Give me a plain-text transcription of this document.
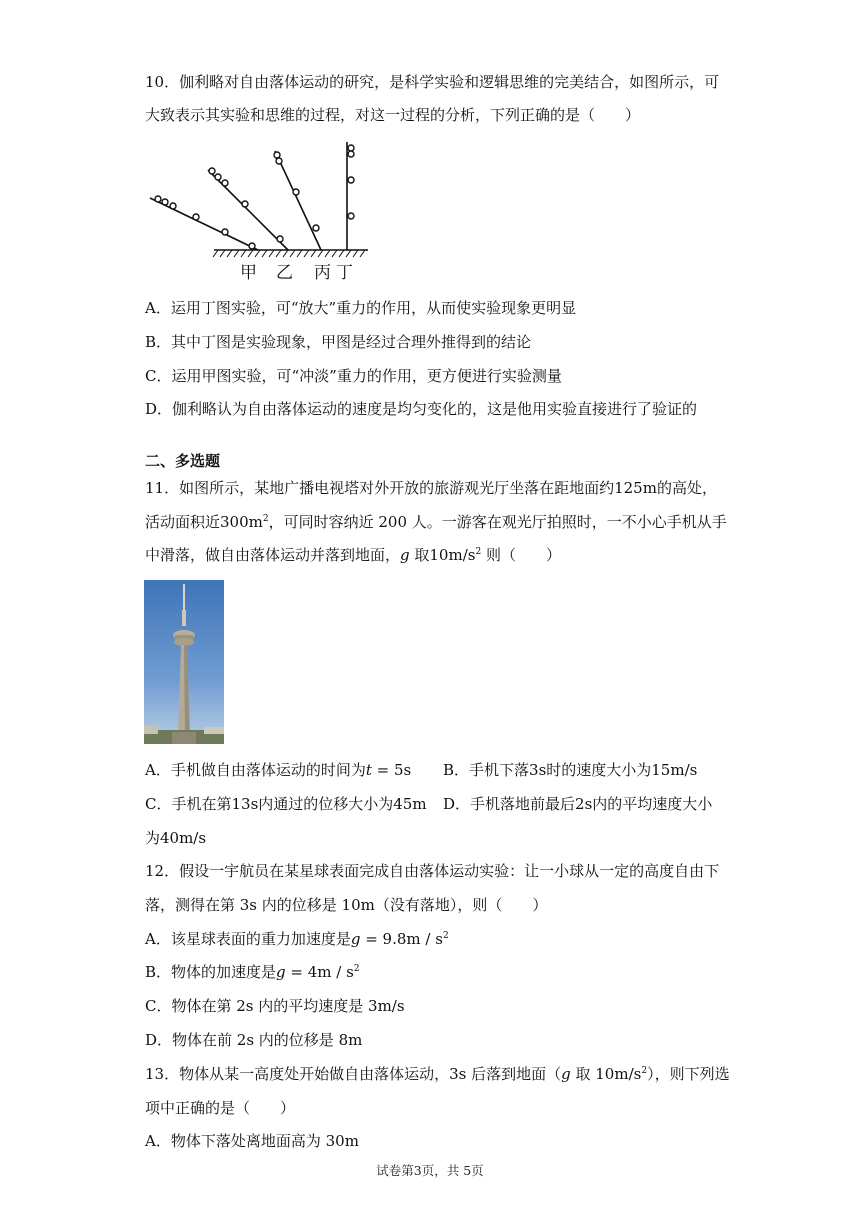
10．伽利略对自由落体运动的研究，是科学实验和逻辑思维的完美结合，如图所示，可
大致表示其实验和思维的过程，对这一过程的分析，下列正确的是（　　）
甲 乙 丙 丁
A．运用丁图实验，可“放大”重力的作用，从而使实验现象更明显
B．其中丁图是实验现象，甲图是经过合理外推得到的结论
C．运用甲图实验，可“冲淡”重力的作用，更方便进行实验测量
D．伽利略认为自由落体运动的速度是均匀变化的，这是他用实验直接进行了验证的
二、多选题
11．如图所示，某地广播电视塔对外开放的旅游观光厅坐落在距地面约125m的高处，
活动面积近$300m^2$，可同时容纳近 200 人。一游客在观光厅拍照时，一不小心手机从手
中滑落，做自由落体运动并落到地面，g 取$10m/s^2$ 则（　　）
A．手机做自由落体运动的时间为t = 5s B．手机下落3s时的速度大小为15m/s
C．手机在第13s内通过的位移大小为45m D．手机落地前最后2s内的平均速度大小
为40m/s
12．假设一宇航员在某星球表面完成自由落体运动实验：让一小球从一定的高度自由下
落，测得在第 3s 内的位移是 10m（没有落地），则（　　）
A．该星球表面的重力加速度是$g = 9.8m / s^2$
B．物体的加速度是$g = 4m / s^2$
C．物体在第 2s 内的平均速度是 3m/s
D．物体在前 2s 内的位移是 8m
13．物体从某一高度处开始做自由落体运动，3s 后落到地面（g 取 $10m/s^2$），则下列选
项中正确的是（　　）
A．物体下落处离地面高为 30m
试卷第3页，共 5页
